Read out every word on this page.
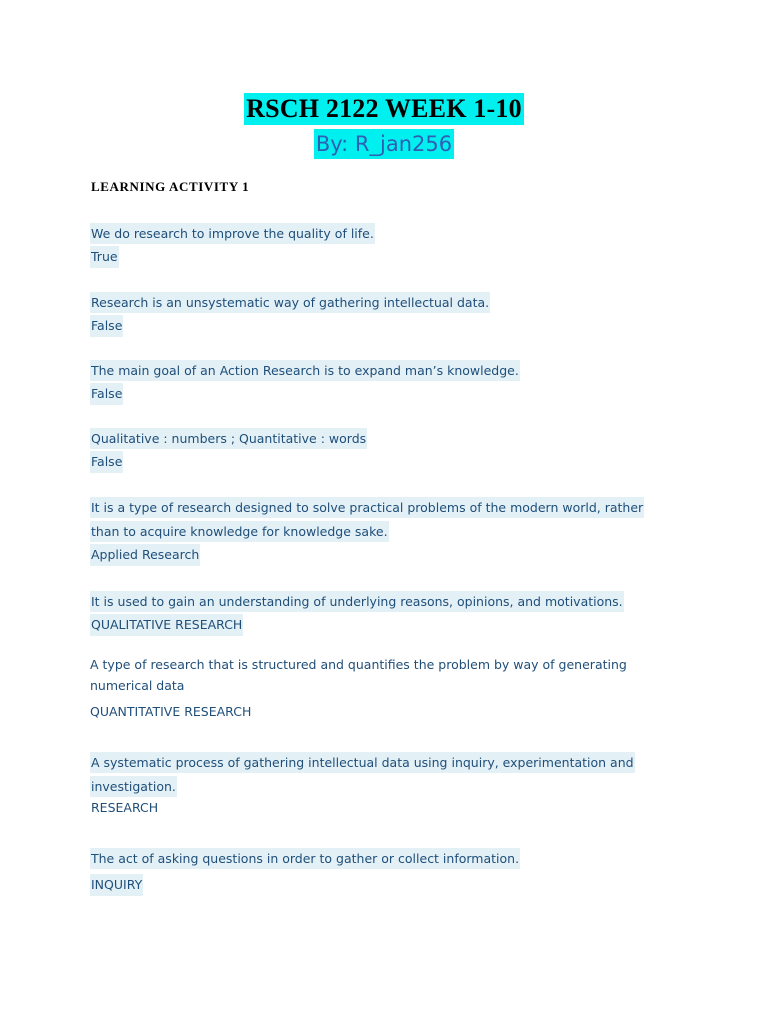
RSCH 2122 WEEK 1-10
By: R_jan256
LEARNING ACTIVITY 1
We do research to improve the quality of life.
True
Research is an unsystematic way of gathering intellectual data.
False
The main goal of an Action Research is to expand man’s knowledge.
False
Qualitative : numbers ; Quantitative : words
False
It is a type of research designed to solve practical problems of the modern world, rather
than to acquire knowledge for knowledge sake.
Applied Research
It is used to gain an understanding of underlying reasons, opinions, and motivations.
QUALITATIVE RESEARCH
A type of research that is structured and quantifies the problem by way of generating
numerical data
QUANTITATIVE RESEARCH
A systematic process of gathering intellectual data using inquiry, experimentation and
investigation.
RESEARCH
The act of asking questions in order to gather or collect information.
INQUIRY
